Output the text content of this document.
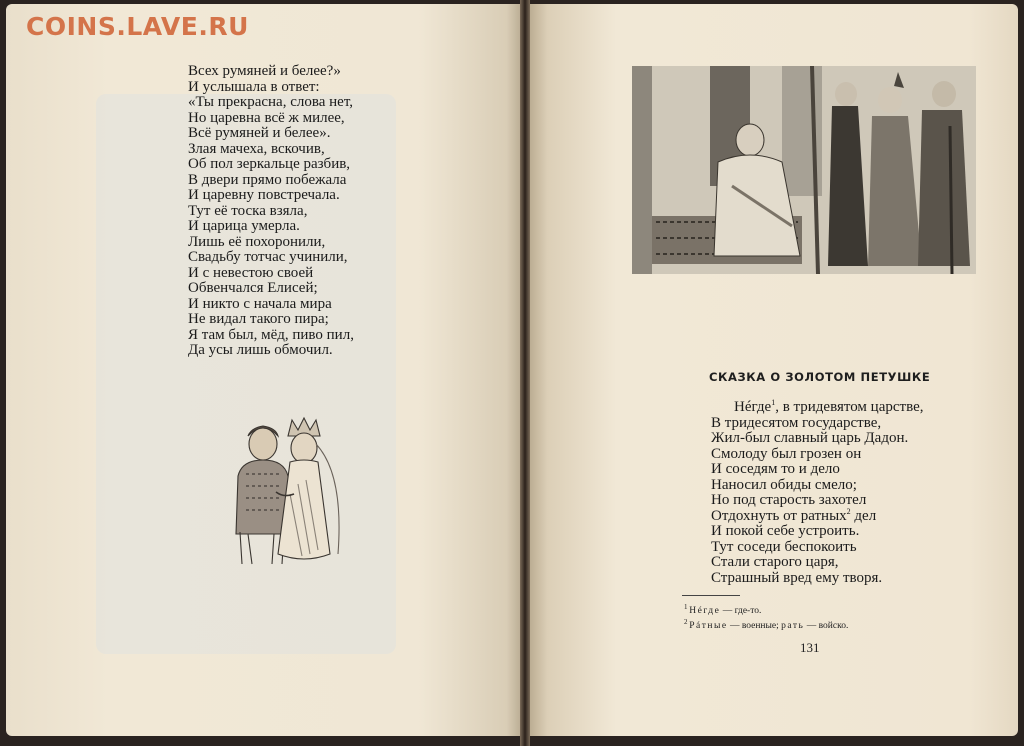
COINS.LAVE.RU
Всех румяней и белее?»
И услышала в ответ:
«Ты прекрасна, слова нет,
Но царевна всё ж милее,
Всё румяней и белее».
Злая мачеха, вскочив,
Об пол зеркальце разбив,
В двери прямо побежала
И царевну повстречала.
Тут её тоска взяла,
И царица умерла.
Лишь её похоронили,
Свадьбу тотчас учинили,
И с невестою своей
Обвенчался Елисей;
И никто с начала мира
Не видал такого пира;
Я там был, мёд, пиво пил,
Да усы лишь обмочил.
СКАЗКА О ЗОЛОТОМ ПЕТУШКЕ
Нéгде$^1$, в тридевятом царстве,
В тридесятом государстве,
Жил-был славный царь Дадон.
Смолоду был грозен он
И соседям то и дело
Наносил обиды смело;
Но под старость захотел
Отдохнуть от ратных$^2$ дел
И покой себе устроить.
Тут соседи беспокоить
Стали старого царя,
Страшный вред ему творя.
$^1$ Нéгде — где-то.
$^2$ Рáтные — военные; рать — войско.
131
